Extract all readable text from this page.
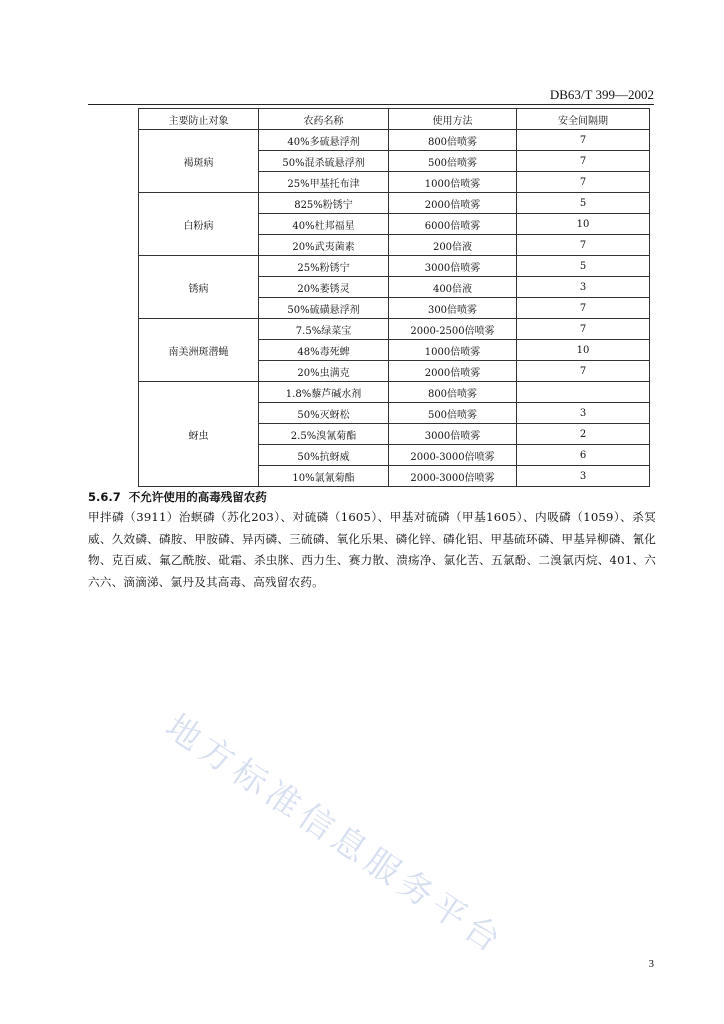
DB63/T 399—2002
主要防止对象	农药名称	使用方法	安全间隔期
褐斑病	40%多硫悬浮剂	800倍喷雾	7
	50%混杀硫悬浮剂	500倍喷雾	7
	25%甲基托布津	1000倍喷雾	7
白粉病	825%粉锈宁	2000倍喷雾	5
	40%杜邦福星	6000倍喷雾	10
	20%武夷菌素	200倍液	7
锈病	25%粉锈宁	3000倍喷雾	5
	20%萎锈灵	400倍液	3
	50%硫磺悬浮剂	300倍喷雾	7
南美洲斑潜蝇	7.5%绿菜宝	2000-2500倍喷雾	7
	48%毒死蜱	1000倍喷雾	10
	20%虫满克	2000倍喷雾	7
蚜虫	1.8%藜芦碱水剂	800倍喷雾	
	50%灭蚜松	500倍喷雾	3
	2.5%溴氰菊酯	3000倍喷雾	2
	50%抗蚜威	2000-3000倍喷雾	6
	10%氯氰菊酯	2000-3000倍喷雾	3
5.6.7 不允许使用的高毒残留农药
甲拌磷（3911）治螟磷（苏化203）、对硫磷（1605）、甲基对硫磷（甲基1605）、内吸磷（1059）、杀冥威、久效磷、磷胺、甲胺磷、异丙磷、三硫磷、氧化乐果、磷化锌、磷化铝、甲基硫环磷、甲基异柳磷、氰化物、克百威、氟乙酰胺、砒霜、杀虫脒、西力生、赛力散、溃疡净、氯化苦、五氯酚、二溴氯丙烷、401、六六六、滴滴涕、氯丹及其高毒、高残留农药。
地方标准信息服务平台
3
